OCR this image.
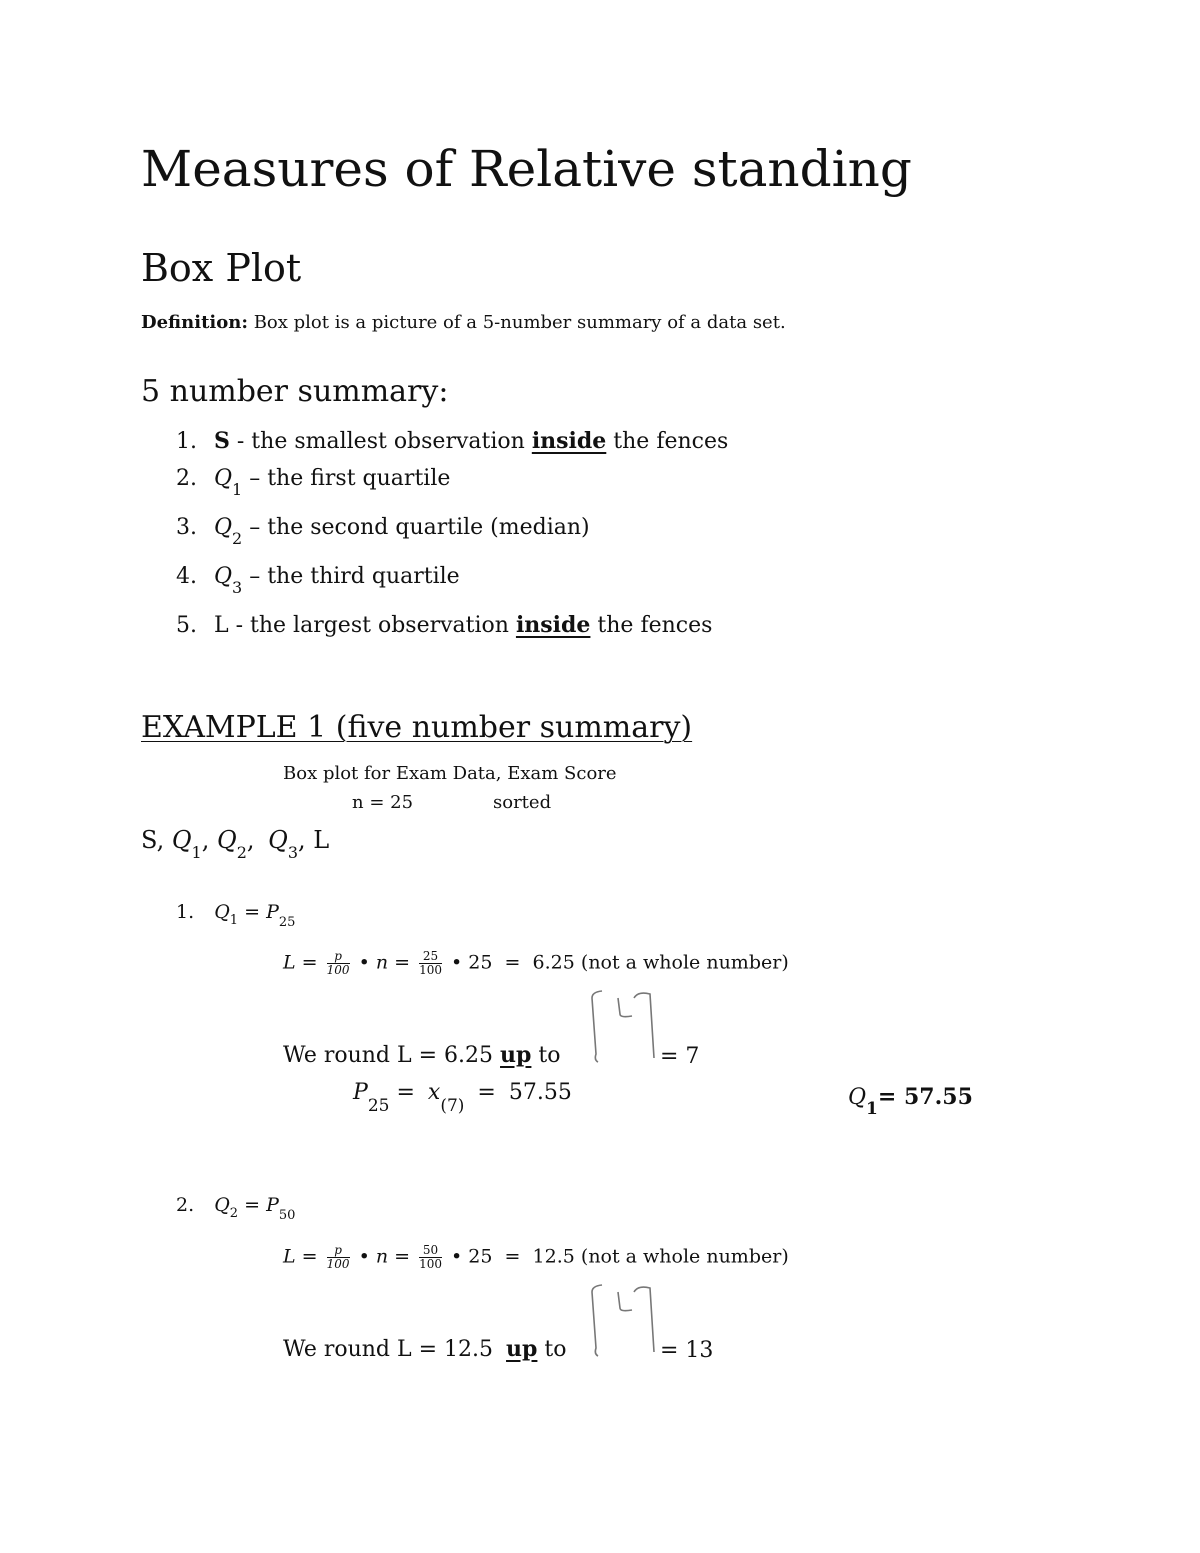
Measures of Relative standing
Box Plot
Definition: Box plot is a picture of a 5-number summary of a data set.
5 number summary:
1. S - the smallest observation inside the fences
2. $Q_1$ – the first quartile
3. $Q_2$ – the second quartile (median)
4. $Q_3$ – the third quartile
5. L - the largest observation inside the fences
EXAMPLE 1 (five number summary)
Box plot for Exam Data, Exam Score
n = 25	sorted
S, $Q_1$, $Q_2$, $Q_3$, L
1. $Q_1 = P_{25}$
$L = \frac{p}{100}$ • $n = \frac{25}{100}$ • 25  =  6.25 (not a whole number)
We round L = 6.25 up to	= 7
$P_{25} = x_{(7)} = 57.55$	$Q_1= 57.55$
2. $Q_2 = P_{50}$
$L = \frac{p}{100}$ • $n = \frac{50}{100}$ • 25  =  12.5 (not a whole number)
We round L = 12.5 up to	= 13
